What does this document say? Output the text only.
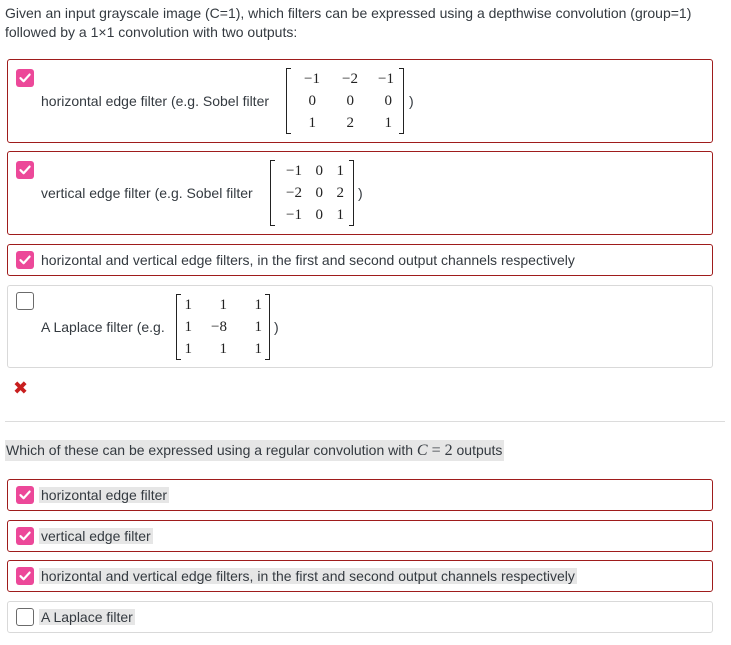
Given an input grayscale image (C=1), which filters can be expressed using a depthwise convolution (group=1) followed by a 1×1 convolution with two outputs:
horizontal edge filter (e.g. Sobel filter
−1	−2	−1
0	0	0
1	2	1
)
vertical edge filter (e.g. Sobel filter
−1 0 1
−2 0 2
−1 0 1
)
horizontal and vertical edge filters, in the first and second output channels respectively
A Laplace filter (e.g.
1	1	1
1	−8	1
1	1	1
)
✖
Which of these can be expressed using a regular convolution with C = 2 outputs
horizontal edge filter
vertical edge filter
horizontal and vertical edge filters, in the first and second output channels respectively
A Laplace filter
